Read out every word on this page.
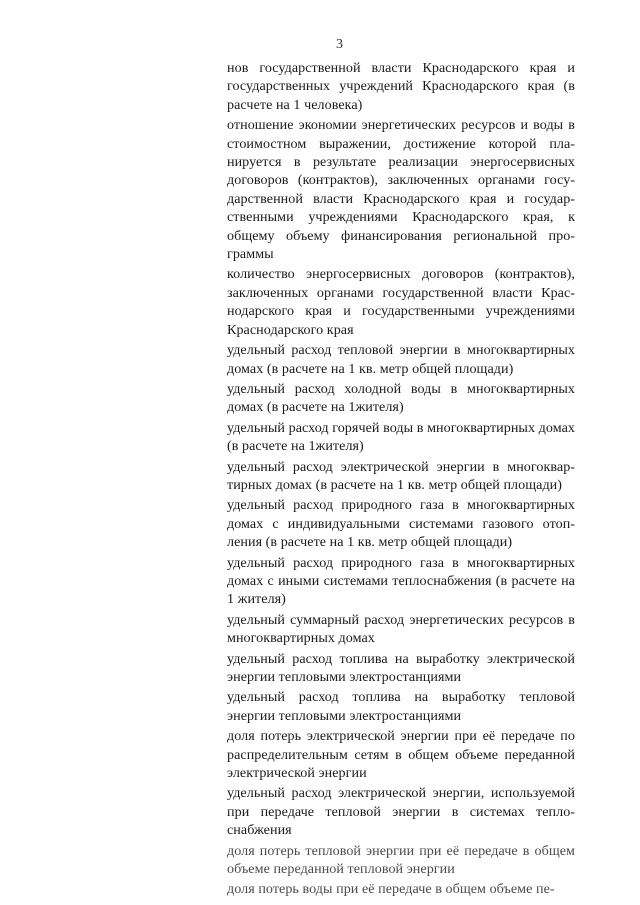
3

нов государственной власти Краснодарского края и государственных учреждений Краснодарского края (в расчете на 1 человека)

отношение экономии энергетических ресурсов и воды в стоимостном выражении, достижение которой планируется в результате реализации энергосервисных договоров (контрактов), заключенных органами государственной власти Краснодарского края и государственными учреждениями Краснодарского края, к общему объему финансирования региональной программы

количество энергосервисных договоров (контрактов), заключенных органами государственной власти Краснодарского края и государственными учреждениями Краснодарского края

удельный расход тепловой энергии в многоквартирных домах (в расчете на 1 кв. метр общей площади)

удельный расход холодной воды в многоквартирных домах (в расчете на 1жителя)

удельный расход горячей воды в многоквартирных домах (в расчете на 1жителя)

удельный расход электрической энергии в многоквартирных домах (в расчете на 1 кв. метр общей площади)

удельный расход природного газа в многоквартирных домах с индивидуальными системами газового отопления (в расчете на 1 кв. метр общей площади)

удельный расход природного газа в многоквартирных домах с иными системами теплоснабжения (в расчете на 1 жителя)

удельный суммарный расход энергетических ресурсов в многоквартирных домах

удельный расход топлива на выработку электрической энергии тепловыми электростанциями

удельный расход топлива на выработку тепловой энергии тепловыми электростанциями

доля потерь электрической энергии при её передаче по распределительным сетям в общем объеме переданной электрической энергии

удельный расход электрической энергии, используемой при передаче тепловой энергии в системах теплоснабжения

доля потерь тепловой энергии при её передаче в общем объеме переданной тепловой энергии

доля потерь воды при её передаче в общем объеме пе-
